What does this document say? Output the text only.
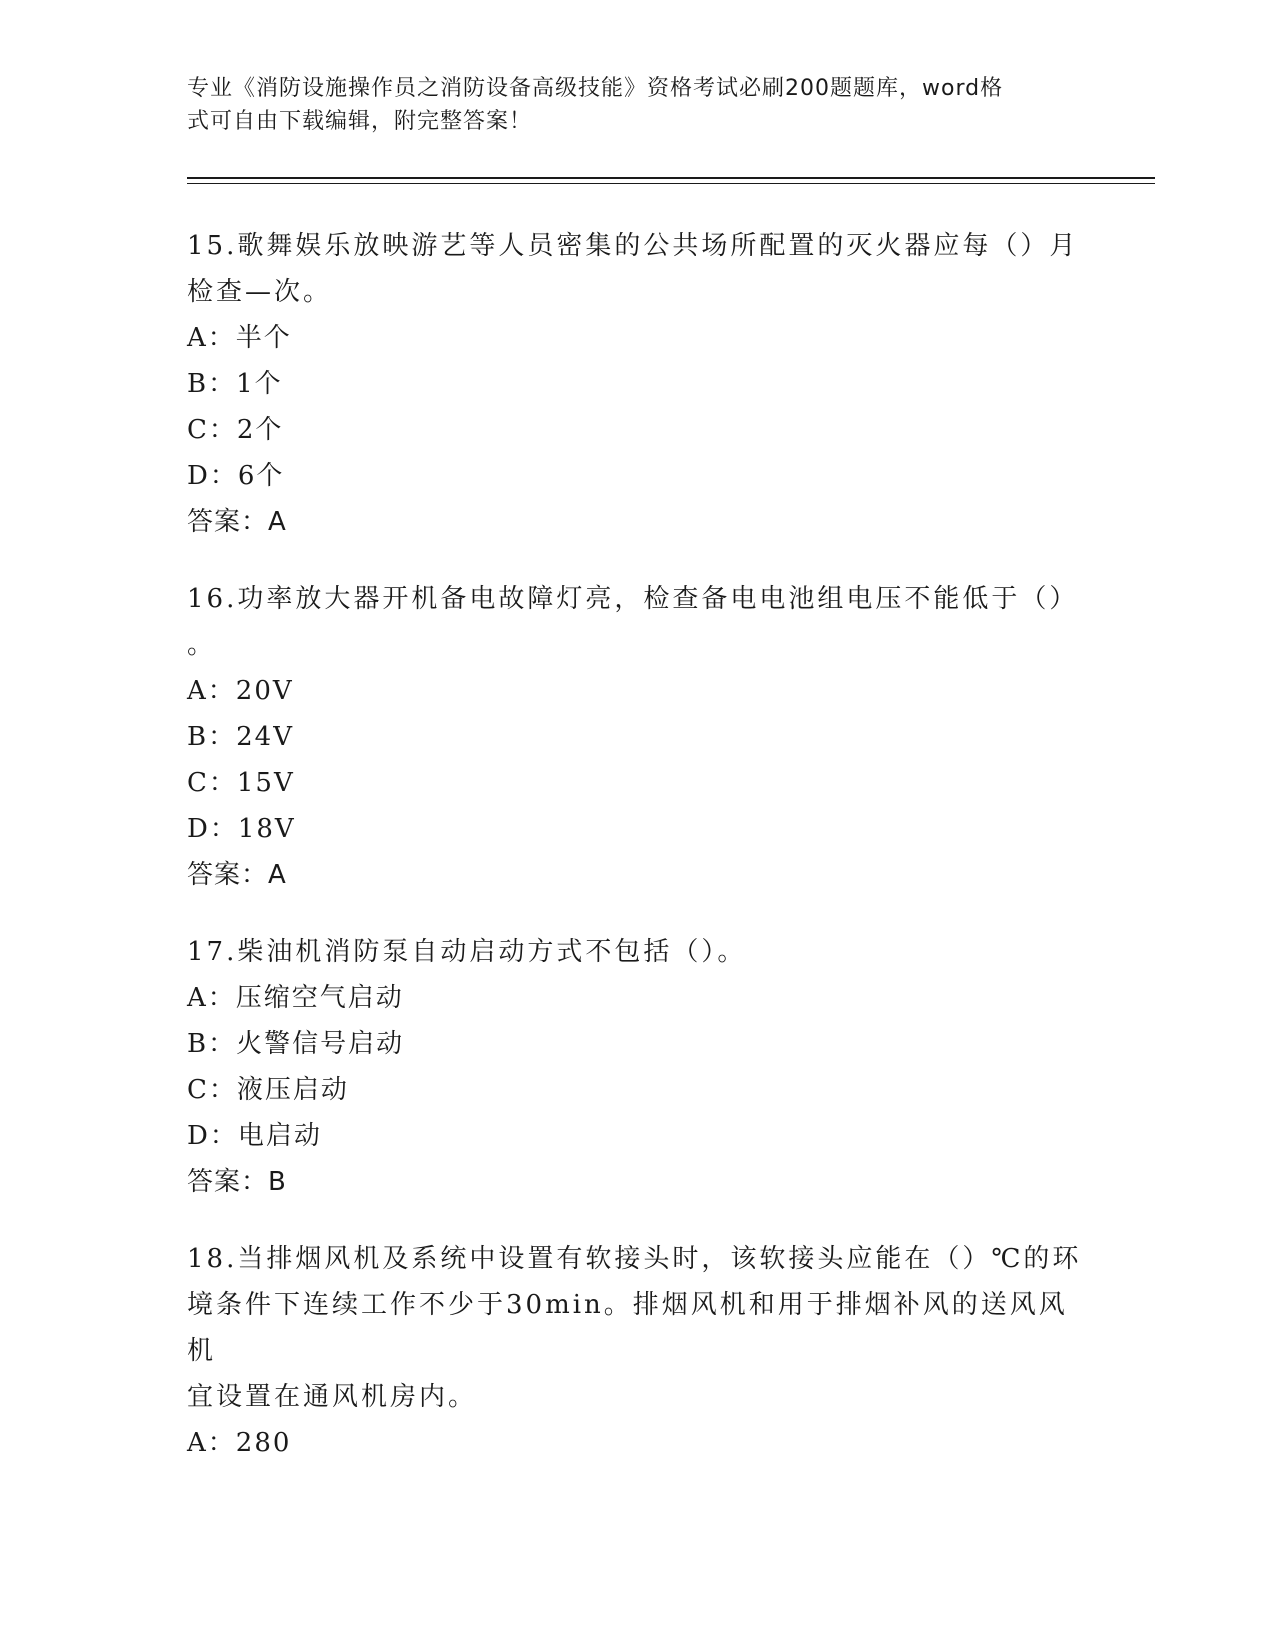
专业《消防设施操作员之消防设备高级技能》资格考试必刷200题题库，word格
式可自由下载编辑，附完整答案！

15.歌舞娱乐放映游艺等人员密集的公共场所配置的灭火器应每（）月

检查—次。

A：半个

B：1个

C：2个

D：6个

答案：A

16.功率放大器开机备电故障灯亮，检查备电电池组电压不能低于（）

。

A：20V

B：24V

C：15V

D：18V

答案：A

17.柴油机消防泵自动启动方式不包括（）。

A：压缩空气启动

B：火警信号启动

C：液压启动

D：电启动

答案：B

18.当排烟风机及系统中设置有软接头时，该软接头应能在（）℃的环

境条件下连续工作不少于30min。排烟风机和用于排烟补风的送风风机

宜设置在通风机房内。

A：280
